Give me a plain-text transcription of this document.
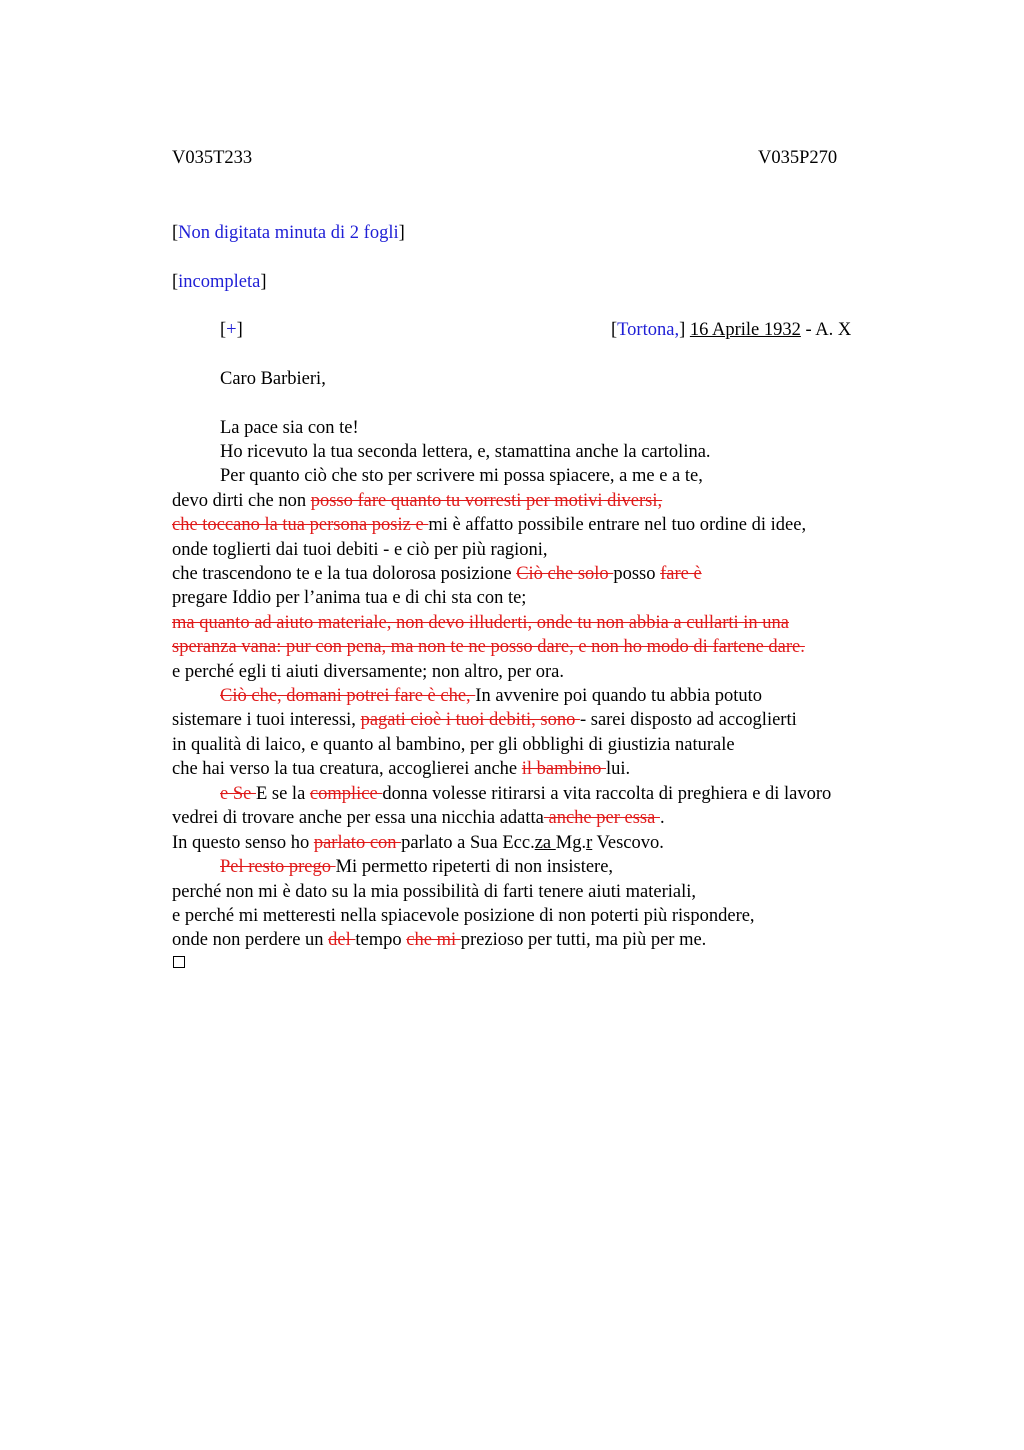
V035T233	V035P270
[Non digitata minuta di 2 fogli]
[incompleta]
[+]	[Tortona,] 16 Aprile 1932 - A. X
Caro Barbieri,
La pace sia con te!
Ho ricevuto la tua seconda lettera, e, stamattina anche la cartolina.
Per quanto ciò che sto per scrivere mi possa spiacere, a me e a te,
devo dirti che non posso fare quanto tu vorresti per motivi diversi,
che toccano la tua persona posiz e mi è affatto possibile entrare nel tuo ordine di idee,
onde toglierti dai tuoi debiti - e ciò per più ragioni,
che trascendono te e la tua dolorosa posizione Ciò che solo posso fare è
pregare Iddio per l’anima tua e di chi sta con te;
ma quanto ad aiuto materiale, non devo illuderti, onde tu non abbia a cullarti in una
speranza vana: pur con pena, ma non te ne posso dare, e non ho modo di fartene dare.
e perché egli ti aiuti diversamente; non altro, per ora.
Ciò che, domani potrei fare è che, In avvenire poi quando tu abbia potuto
sistemare i tuoi interessi, pagati cioè i tuoi debiti, sono - sarei disposto ad accoglierti
in qualità di laico, e quanto al bambino, per gli obblighi di giustizia naturale
che hai verso la tua creatura, accoglierei anche il bambino lui.
e Se E se la complice donna volesse ritirarsi a vita raccolta di preghiera e di lavoro
vedrei di trovare anche per essa una nicchia adatta anche per essa .
In questo senso ho parlato con parlato a Sua Ecc.za Mg.r Vescovo.
Pel resto prego Mi permetto ripeterti di non insistere,
perché non mi è dato su la mia possibilità di farti tenere aiuti materiali,
e perché mi metteresti nella spiacevole posizione di non poterti più rispondere,
onde non perdere un del tempo che mi prezioso per tutti, ma più per me.
